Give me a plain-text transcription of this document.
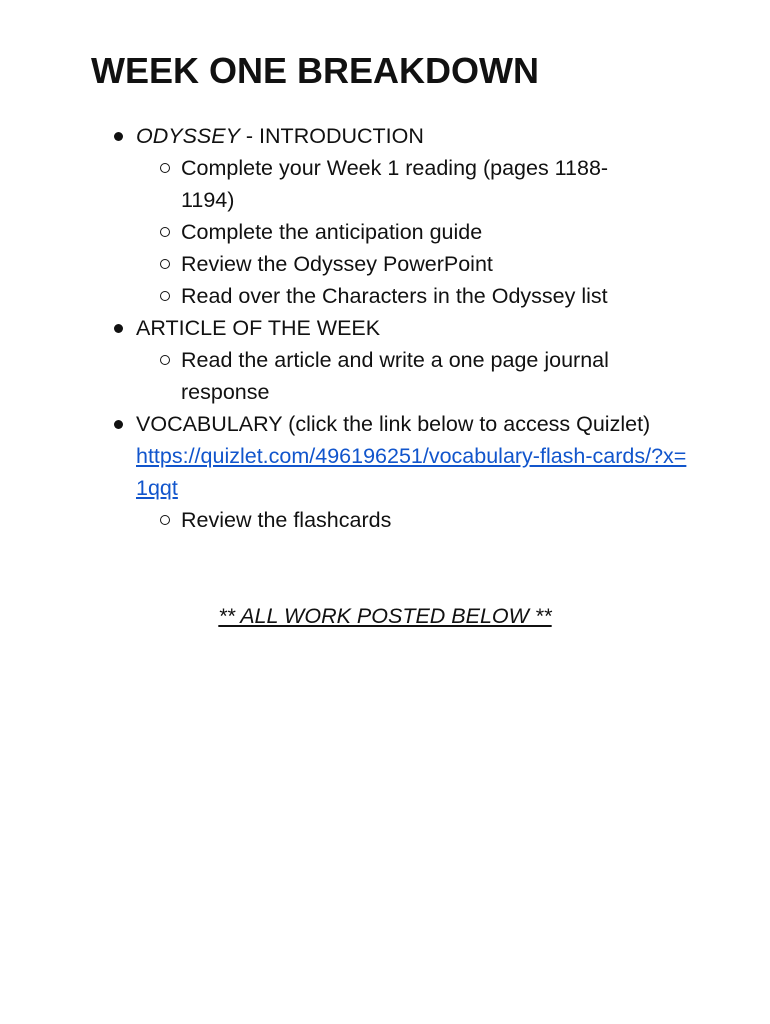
WEEK ONE BREAKDOWN
ODYSSEY - INTRODUCTION
Complete your Week 1 reading (pages 1188-1194)
Complete the anticipation guide
Review the Odyssey PowerPoint
Read over the Characters in the Odyssey list
ARTICLE OF THE WEEK
Read the article and write a one page journal response
VOCABULARY (click the link below to access Quizlet)
https://quizlet.com/496196251/vocabulary-flash-cards/?x=1qqt
Review the flashcards
** ALL WORK POSTED BELOW **
